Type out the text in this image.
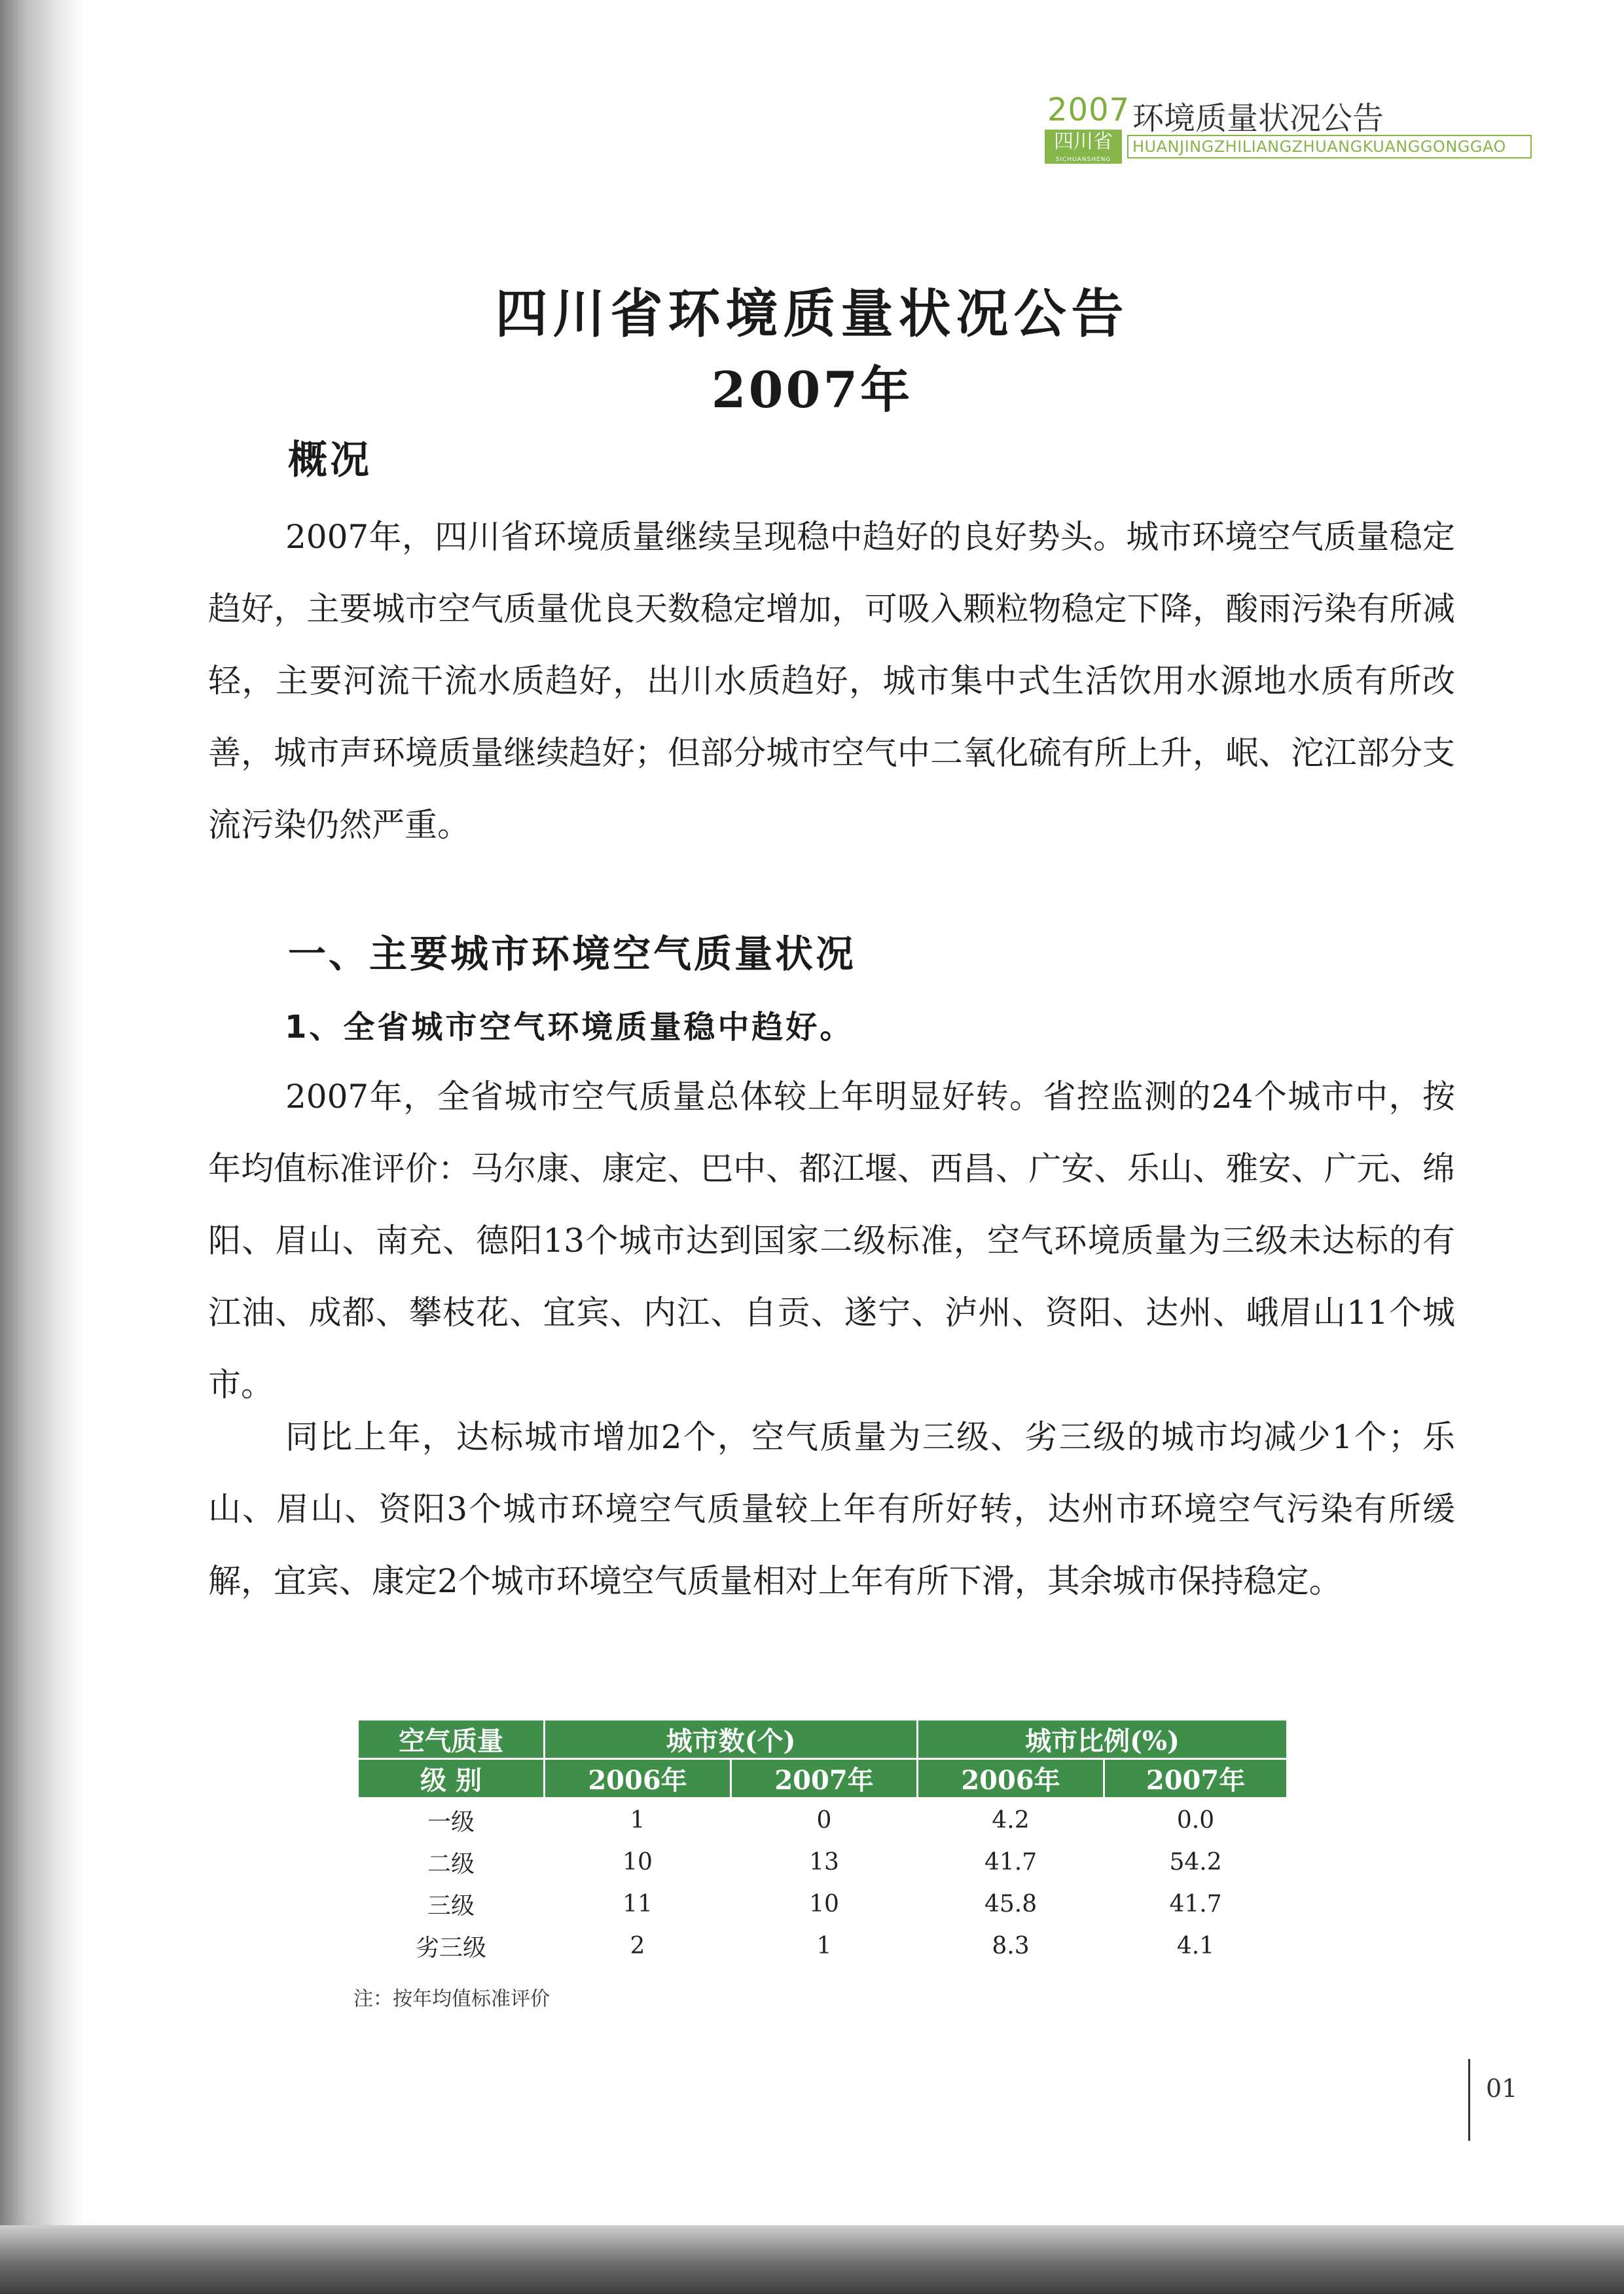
2007 环境质量状况公告
四川省
SICHUANSHENG
HUANJINGZHILIANGZHUANGKUANGGONGGAO
四川省环境质量状况公告
2007年
概况

2007年，四川省环境质量继续呈现稳中趋好的良好势头。城市环境空气质量稳定趋好，主要城市空气质量优良天数稳定增加，可吸入颗粒物稳定下降，酸雨污染有所减轻，主要河流干流水质趋好，出川水质趋好，城市集中式生活饮用水源地水质有所改善，城市声环境质量继续趋好；但部分城市空气中二氧化硫有所上升，岷、沱江部分支流污染仍然严重。

一、主要城市环境空气质量状况
1、全省城市空气环境质量稳中趋好。

2007年，全省城市空气质量总体较上年明显好转。省控监测的24个城市中，按年均值标准评价：马尔康、康定、巴中、都江堰、西昌、广安、乐山、雅安、广元、绵阳、眉山、南充、德阳13个城市达到国家二级标准，空气环境质量为三级未达标的有江油、成都、攀枝花、宜宾、内江、自贡、遂宁、泸州、资阳、达州、峨眉山11个城市。

同比上年，达标城市增加2个，空气质量为三级、劣三级的城市均减少1个；乐山、眉山、资阳3个城市环境空气质量较上年有所好转，达州市环境空气污染有所缓解，宜宾、康定2个城市环境空气质量相对上年有所下滑，其余城市保持稳定。

空气质量	城市数(个)		城市比例(%)	
级 别	2006年	2007年	2006年	2007年
一级	1	0	4.2	0.0
二级	10	13	41.7	54.2
三级	11	10	45.8	41.7
劣三级	2	1	8.3	4.1
注：按年均值标准评价
01
